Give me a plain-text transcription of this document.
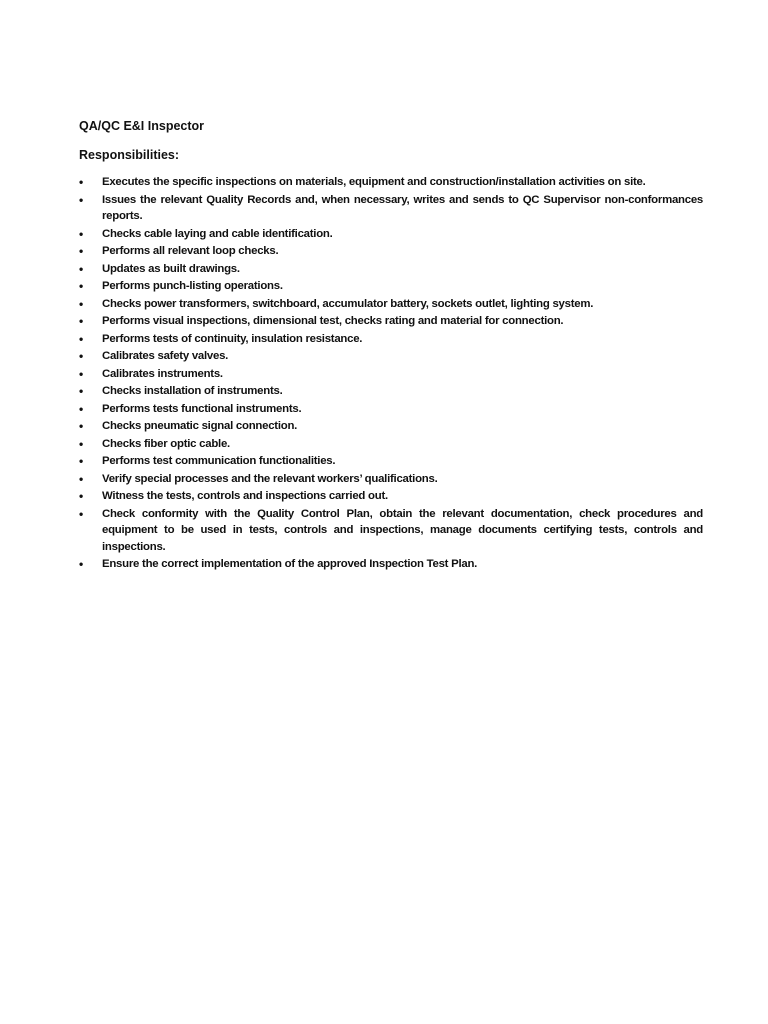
QA/QC E&I Inspector
Responsibilities:
•	Executes the specific inspections on materials, equipment and construction/installation activities on site.
•	Issues the relevant Quality Records and, when necessary, writes and sends to QC Supervisor non-conformances reports.
•	Checks cable laying and cable identification.
•	Performs all relevant loop checks.
•	Updates as built drawings.
•	Performs punch-listing operations.
•	Checks power transformers, switchboard, accumulator battery, sockets outlet, lighting system.
•	Performs visual inspections, dimensional test, checks rating and material for connection.
•	Performs tests of continuity, insulation resistance.
•	Calibrates safety valves.
•	Calibrates instruments.
•	Checks installation of instruments.
•	Performs tests functional instruments.
•	Checks pneumatic signal connection.
•	Checks fiber optic cable.
•	Performs test communication functionalities.
•	Verify special processes and the relevant workers’ qualifications.
•	Witness the tests, controls and inspections carried out.
•	Check conformity with the Quality Control Plan, obtain the relevant documentation, check procedures and equipment to be used in tests, controls and inspections, manage documents certifying tests, controls and inspections.
•	Ensure the correct implementation of the approved Inspection Test Plan.
